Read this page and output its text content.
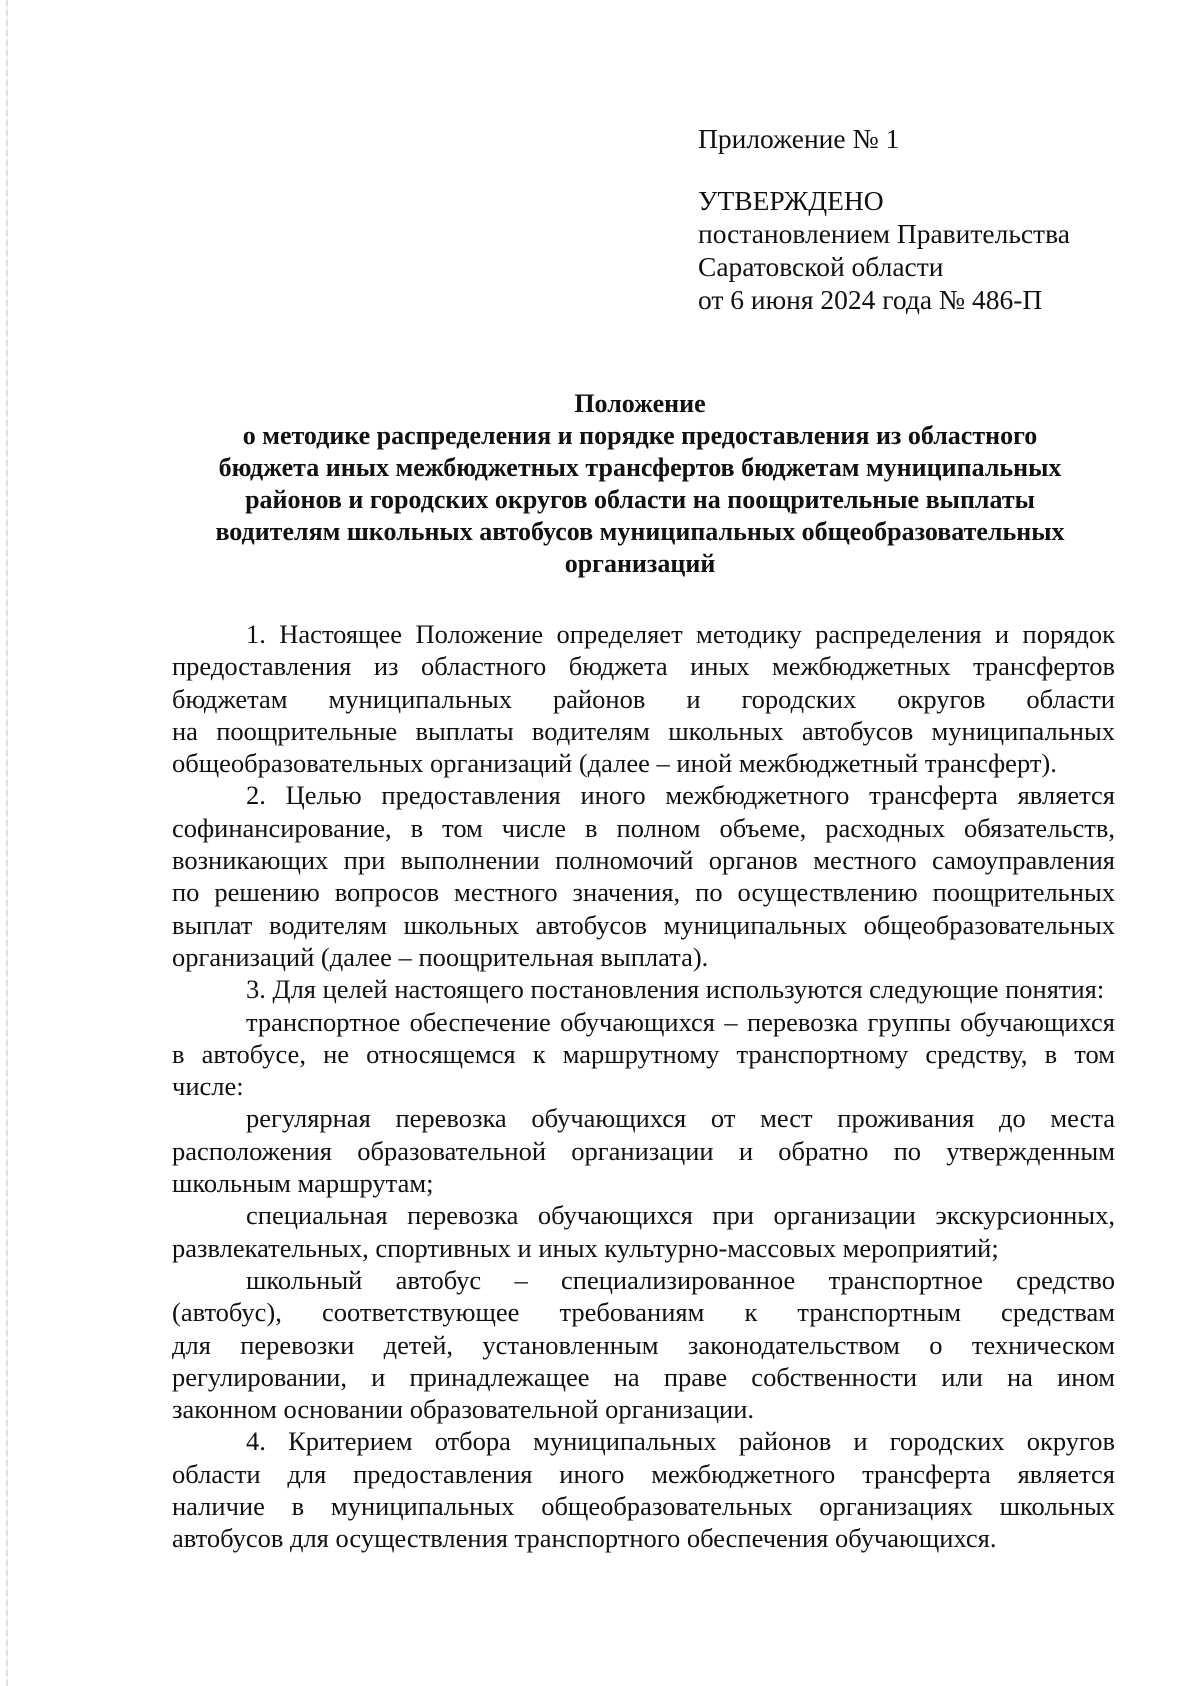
Приложение № 1
УТВЕРЖДЕНО
постановлением Правительства
Саратовской области
от 6 июня 2024 года № 486-П
Положение
о методике распределения и порядке предоставления из областного
бюджета иных межбюджетных трансфертов бюджетам муниципальных
районов и городских округов области на поощрительные выплаты
водителям школьных автобусов муниципальных общеобразовательных
организаций
1. Настоящее Положение определяет методику распределения и порядок
предоставления из областного бюджета иных межбюджетных трансфертов
бюджетам муниципальных районов и городских округов области
на поощрительные выплаты водителям школьных автобусов муниципальных
общеобразовательных организаций (далее – иной межбюджетный трансферт).
2. Целью предоставления иного межбюджетного трансферта является
софинансирование, в том числе в полном объеме, расходных обязательств,
возникающих при выполнении полномочий органов местного самоуправления
по решению вопросов местного значения, по осуществлению поощрительных
выплат водителям школьных автобусов муниципальных общеобразовательных
организаций (далее – поощрительная выплата).
3. Для целей настоящего постановления используются следующие понятия:
транспортное обеспечение обучающихся – перевозка группы обучающихся
в автобусе, не относящемся к маршрутному транспортному средству, в том
числе:
регулярная перевозка обучающихся от мест проживания до места
расположения образовательной организации и обратно по утвержденным
школьным маршрутам;
специальная перевозка обучающихся при организации экскурсионных,
развлекательных, спортивных и иных культурно-массовых мероприятий;
школьный автобус – специализированное транспортное средство
(автобус), соответствующее требованиям к транспортным средствам
для перевозки детей, установленным законодательством о техническом
регулировании, и принадлежащее на праве собственности или на ином
законном основании образовательной организации.
4. Критерием отбора муниципальных районов и городских округов
области для предоставления иного межбюджетного трансферта является
наличие в муниципальных общеобразовательных организациях школьных
автобусов для осуществления транспортного обеспечения обучающихся.
